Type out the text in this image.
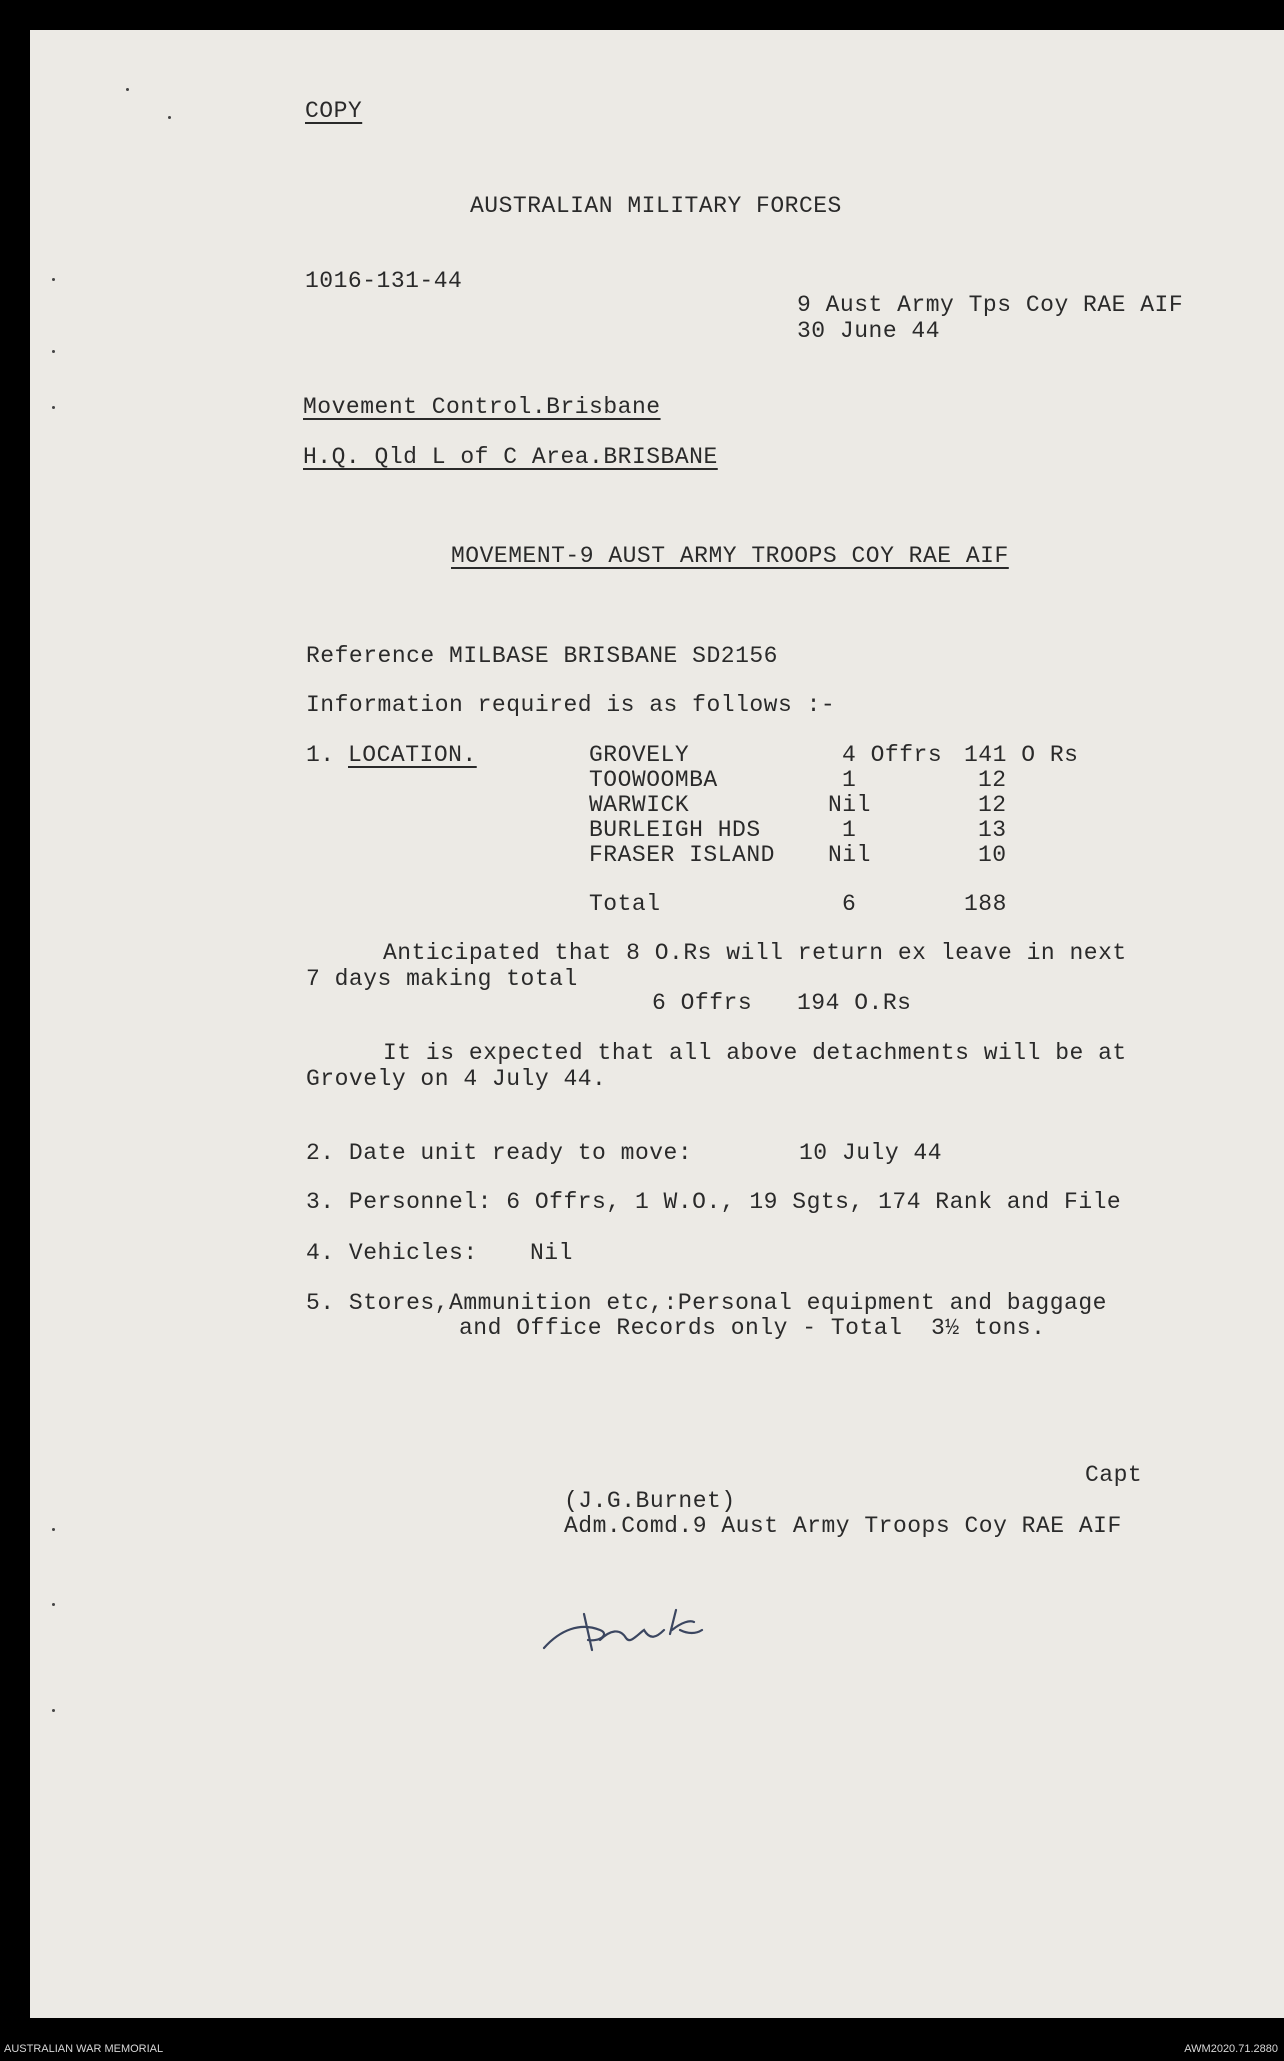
COPY
AUSTRALIAN MILITARY FORCES
1016-131-44
9 Aust Army Tps Coy RAE AIF
30 June 44
Movement Control.Brisbane
H.Q. Qld L of C Area.BRISBANE
MOVEMENT-9 AUST ARMY TROOPS COY RAE AIF
Reference MILBASE BRISBANE SD2156
Information required is as follows :-
1. LOCATION.	GROVELY	4 Offrs 141 O Rs
TOOWOOMBA	1	12
WARWICK	Nil	12
BURLEIGH HDS	1	13
FRASER ISLAND Nil	10
Total	6	188
Anticipated that 8 O.Rs will return ex leave in next
7 days making total
6 Offrs 194 O.Rs
It is expected that all above detachments will be at
Grovely on 4 July 44.
2. Date unit ready to move:	10 July 44
3. Personnel: 6 Offrs, 1 W.O., 19 Sgts, 174 Rank and File
4. Vehicles: Nil
5. Stores,Ammunition etc,:Personal equipment and baggage
and Office Records only - Total  3½ tons.
Capt
(J.G.Burnet)
Adm.Comd.9 Aust Army Troops Coy RAE AIF
AUSTRALIAN WAR MEMORIAL	AWM2020.71.2880
